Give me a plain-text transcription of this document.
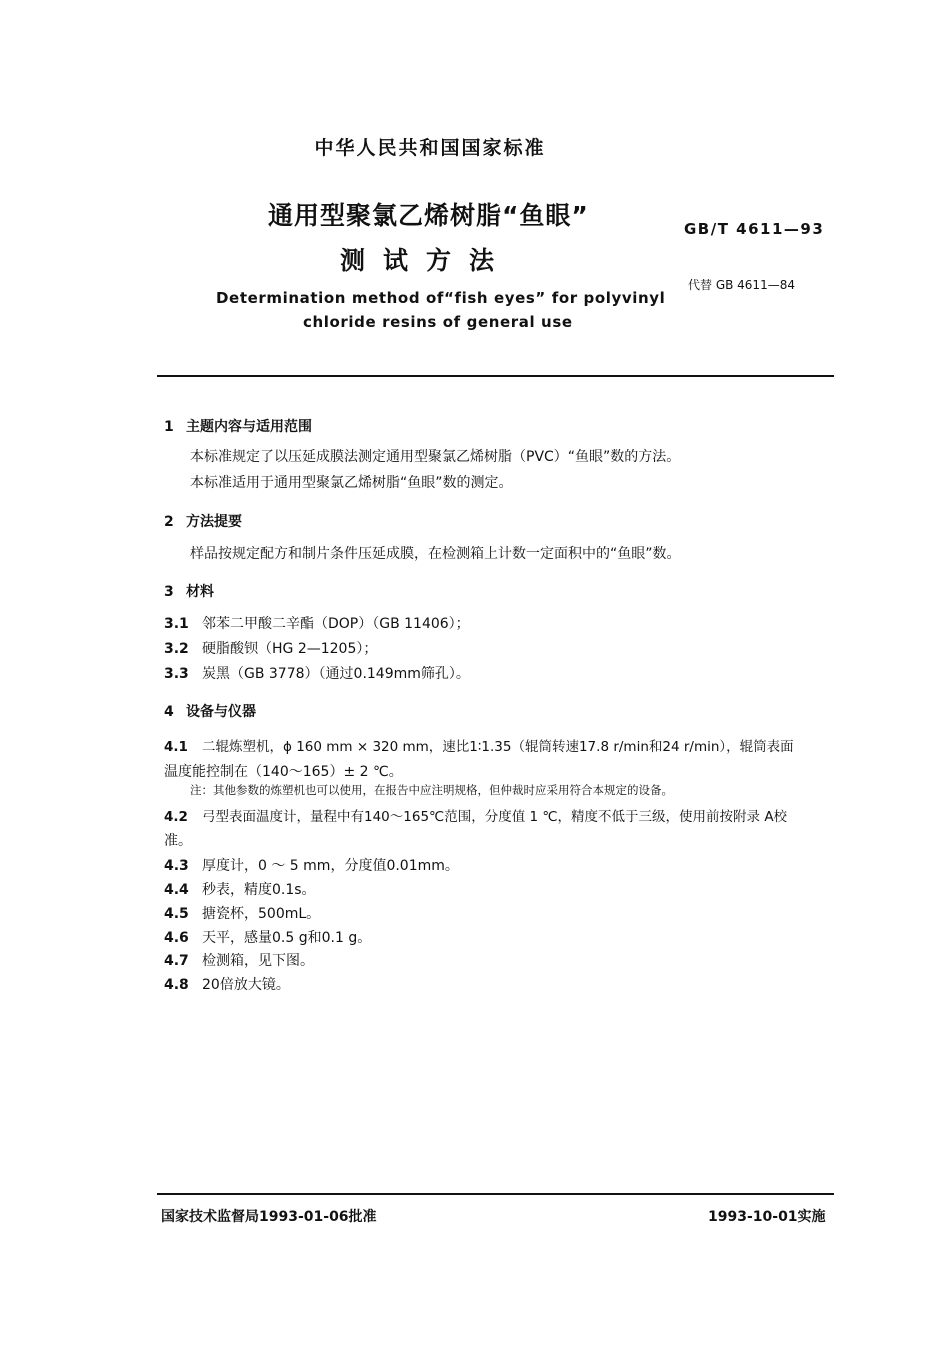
中华人民共和国国家标准
通用型聚氯乙烯树脂“鱼眼”
测试方法
Determination method of“fish eyes” for polyvinyl
chloride resins of general use
GB/T 4611—93
代替 GB 4611—84
1 主题内容与适用范围
本标准规定了以压延成膜法测定通用型聚氯乙烯树脂（PVC）“鱼眼”数的方法。
本标准适用于通用型聚氯乙烯树脂“鱼眼”数的测定。
2 方法提要
样品按规定配方和制片条件压延成膜，在检测箱上计数一定面积中的“鱼眼”数。
3 材料
3.1 邻苯二甲酸二辛酯（DOP）（GB 11406）；
3.2 硬脂酸钡（HG 2—1205）；
3.3 炭黑（GB 3778）（通过0.149mm筛孔）。
4 设备与仪器
4.1 二辊炼塑机，ϕ 160 mm × 320 mm，速比1∶1.35（辊筒转速17.8 r/min和24 r/min），辊筒表面
温度能控制在（140～165）± 2 ℃。
注：其他参数的炼塑机也可以使用，在报告中应注明规格，但仲裁时应采用符合本规定的设备。
4.2 弓型表面温度计，量程中有140～165℃范围，分度值 1 ℃，精度不低于三级，使用前按附录 A校
准。
4.3 厚度计，0 ～ 5 mm，分度值0.01mm。
4.4 秒表，精度0.1s。
4.5 搪瓷杯，500mL。
4.6 天平，感量0.5 g和0.1 g。
4.7 检测箱，见下图。
4.8 20倍放大镜。
国家技术监督局1993-01-06批准	1993-10-01实施
